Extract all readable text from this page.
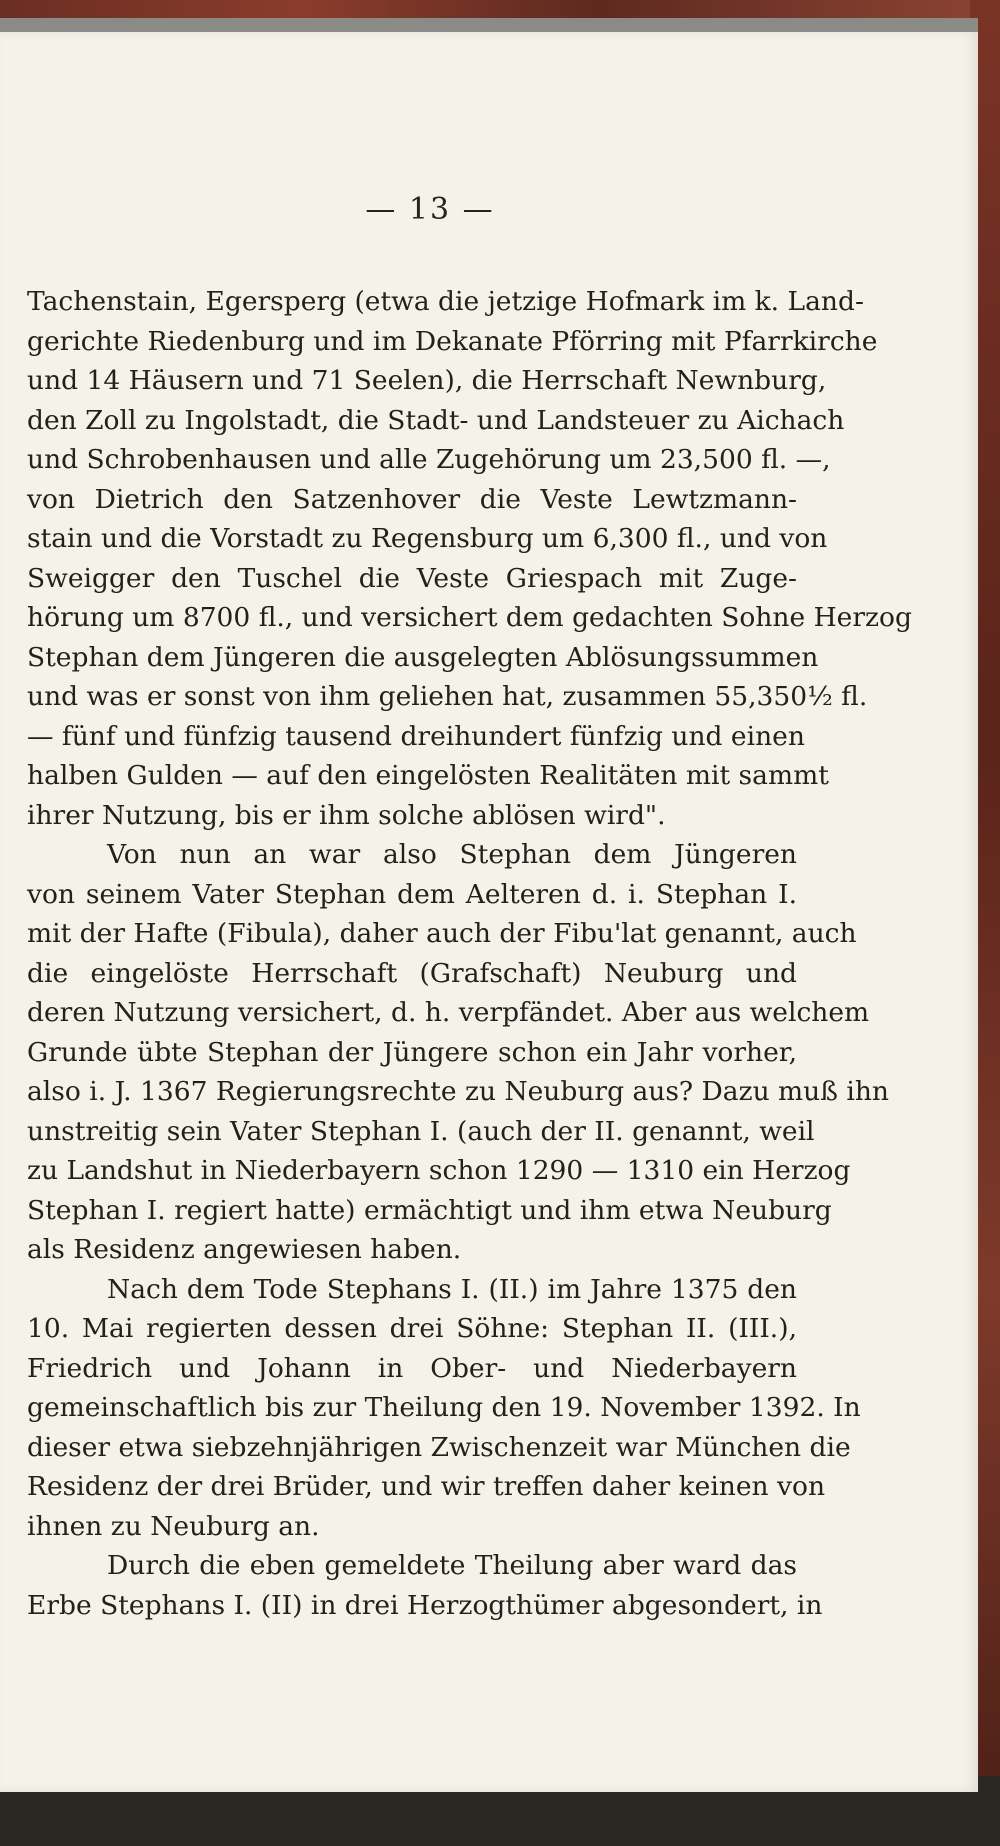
— 13 —
Tachenstain, Egersperg (etwa die jetzige Hofmark im k. Land-
gerichte Riedenburg und im Dekanate Pförring mit Pfarrkirche
und 14 Häusern und 71 Seelen), die Herrschaft Newnburg,
den Zoll zu Ingolstadt, die Stadt- und Landsteuer zu Aichach
und Schrobenhausen und alle Zugehörung um 23,500 fl. —,
von Dietrich den Satzenhover die Veste Lewtzmann-
stain und die Vorstadt zu Regensburg um 6,300 fl., und von
Sweigger den Tuschel die Veste Griespach mit Zuge-
hörung um 8700 fl., und versichert dem gedachten Sohne Herzog
Stephan dem Jüngeren die ausgelegten Ablösungssummen
und was er sonst von ihm geliehen hat, zusammen 55,350½ fl.
— fünf und fünfzig tausend dreihundert fünfzig und einen
halben Gulden — auf den eingelösten Realitäten mit sammt
ihrer Nutzung, bis er ihm solche ablösen wird".
Von nun an war also Stephan dem Jüngeren
von seinem Vater Stephan dem Aelteren d. i. Stephan I.
mit der Hafte (Fibula), daher auch der Fibu'lat genannt, auch
die eingelöste Herrschaft (Grafschaft) Neuburg und
deren Nutzung versichert, d. h. verpfändet. Aber aus welchem
Grunde übte Stephan der Jüngere schon ein Jahr vorher,
also i. J. 1367 Regierungsrechte zu Neuburg aus? Dazu muß ihn
unstreitig sein Vater Stephan I. (auch der II. genannt, weil
zu Landshut in Niederbayern schon 1290 — 1310 ein Herzog
Stephan I. regiert hatte) ermächtigt und ihm etwa Neuburg
als Residenz angewiesen haben.
Nach dem Tode Stephans I. (II.) im Jahre 1375 den
10. Mai regierten dessen drei Söhne: Stephan II. (III.),
Friedrich und Johann in Ober- und Niederbayern
gemeinschaftlich bis zur Theilung den 19. November 1392. In
dieser etwa siebzehnjährigen Zwischenzeit war München die
Residenz der drei Brüder, und wir treffen daher keinen von
ihnen zu Neuburg an.
Durch die eben gemeldete Theilung aber ward das
Erbe Stephans I. (II) in drei Herzogthümer abgesondert, in
